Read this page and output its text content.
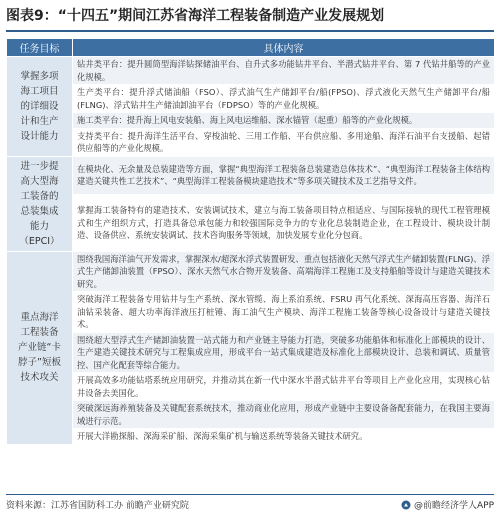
图表9：“十四五”期间江苏省海洋工程装备制造产业发展规划
任务目标	具体内容
掌握多项海工项目的详细设计和生产设计能力	钻井类平台：提升圆筒型海洋钻探储油平台、自升式多功能钻井平台、半潜式钻井平台、第 7 代钻井船等的产业化规模。
	生产类平台：提升浮式储油船（FSO）、浮式油气生产储卸平台/船(FPSO)、浮式液化天然气生产储卸平台/船(FLNG)、浮式钻井生产储油卸油平台（FDPSO）等的产业化规模。
	施工类平台：提升海上风电安装船、海上风电运维船、深水锚管（起重）船等的产业化规模。
	支持类平台：提升海洋生活平台、穿梭油轮、三用工作船、平台供应船、多用途船、海洋石油平台支援船、起错供应船等的产业化规模。
进一步提高大型海工装备的总装集成能力（EPCI）	在模块化、无余量及总装建造等方面，掌握“典型海洋工程装备总装建造总体技术”、“典型海洋工程装备主体结构建造关键共性工艺技术”、“典型海洋工程装备模块建造技术”等多项关键技术及工艺指导文件。
	掌握海工装备特有的建造技术、安装调试技术，建立与海工装备项目特点相适应、与国际接轨的现代工程管理模式和生产组织方式，打造具备总承包能力和较强国际竞争力的专业化总装制造企业，在工程设计、模块设计制造、设备供应、系统安装调试、技术咨询服务等领域，加快发展专业化分包商。
重点海洋工程装备产业链“卡脖子”短板技术攻关	围绕我国海洋油气开发需求，掌握深水/超深水浮式装置研发、重点包括液化天然气浮式生产储卸装置(FLNG)、浮式生产储卸油装置（FPSO）、深水天然气水合物开发装备、高端海洋工程施工及支持船舶等设计与建造关键技术研究。
	突破海洋工程装备专用钻井与生产系统、深水管缆、海上系泊系统、FSRU 再气化系统、深海高压容器、海洋石油钻采装备、超大功率海洋液压打桩锤、海工油气生产模块、海洋工程施工装备等核心设备设计与建造关键技术。
	围绕超大型浮式生产储卸油装置一站式能力和产业链主导能力打造，突破多功能船体和标准化上部模块的设计、生产建造关键技术研究与工程集成应用，形成平台一站式集成建造及标准化上部模块设计、总装和调试、质量管控、国产化配套等综合能力。
	开展高效多功能钻塔系统应用研究，并推动其在新一代中深水半潜式钻井平台等项目上产业化应用，实现核心钻井设备去美国化。
	突破深远海养殖装备及关键配套系统技术，推动商业化应用，形成产业链中主要设备备配套能力，在我国主要海域进行示范。
	开展大洋勘探船、深海采矿船、深海采集矿机与输送系统等装备关键技术研究。
资料来源：江苏省国防科工办 前瞻产业研究院	@前瞻经济学人APP
